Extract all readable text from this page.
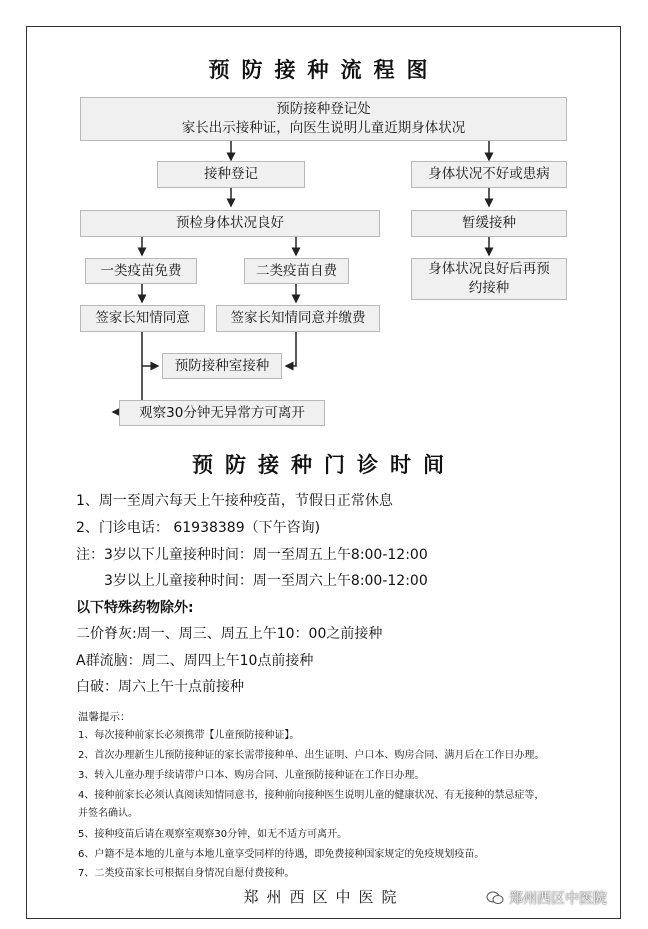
预防接种流程图
预防接种登记处
家长出示接种证，向医生说明儿童近期身体状况
接种登记	身体状况不好或患病
预检身体状况良好	暂缓接种
一类疫苗免费	二类疫苗自费	身体状况良好后再预
约接种
签家长知情同意	签家长知情同意并缴费
预防接种室接种
观察30分钟无异常方可离开
预防接种门诊时间
1、周一至周六每天上午接种疫苗，节假日正常休息
2、门诊电话： 61938389（下午咨询)
注：3岁以下儿童接种时间：周一至周五上午8:00-12:00
3岁以上儿童接种时间：周一至周六上午8:00-12:00
以下特殊药物除外:
二价脊灰:周一、周三、周五上午10：00之前接种
A群流脑：周二、周四上午10点前接种
白破：周六上午十点前接种
温馨提示：
1、每次接种前家长必须携带【儿童预防接种证】。
2、首次办理新生儿预防接种证的家长需带接种单、出生证明、户口本、购房合同、满月后在工作日办理。
3、转入儿童办理手续请带户口本、购房合同、儿童预防接种证在工作日办理。
4、接种前家长必须认真阅读知情同意书，接种前向接种医生说明儿童的健康状况、有无接种的禁忌症等，
并签名确认。
5、接种疫苗后请在观察室观察30分钟，如无不适方可离开。
6、户籍不是本地的儿童与本地儿童享受同样的待遇，即免费接种国家规定的免疫规划疫苗。
7、二类疫苗家长可根据自身情况自愿付费接种。
郑州西区中医院	郑州西区中医院
